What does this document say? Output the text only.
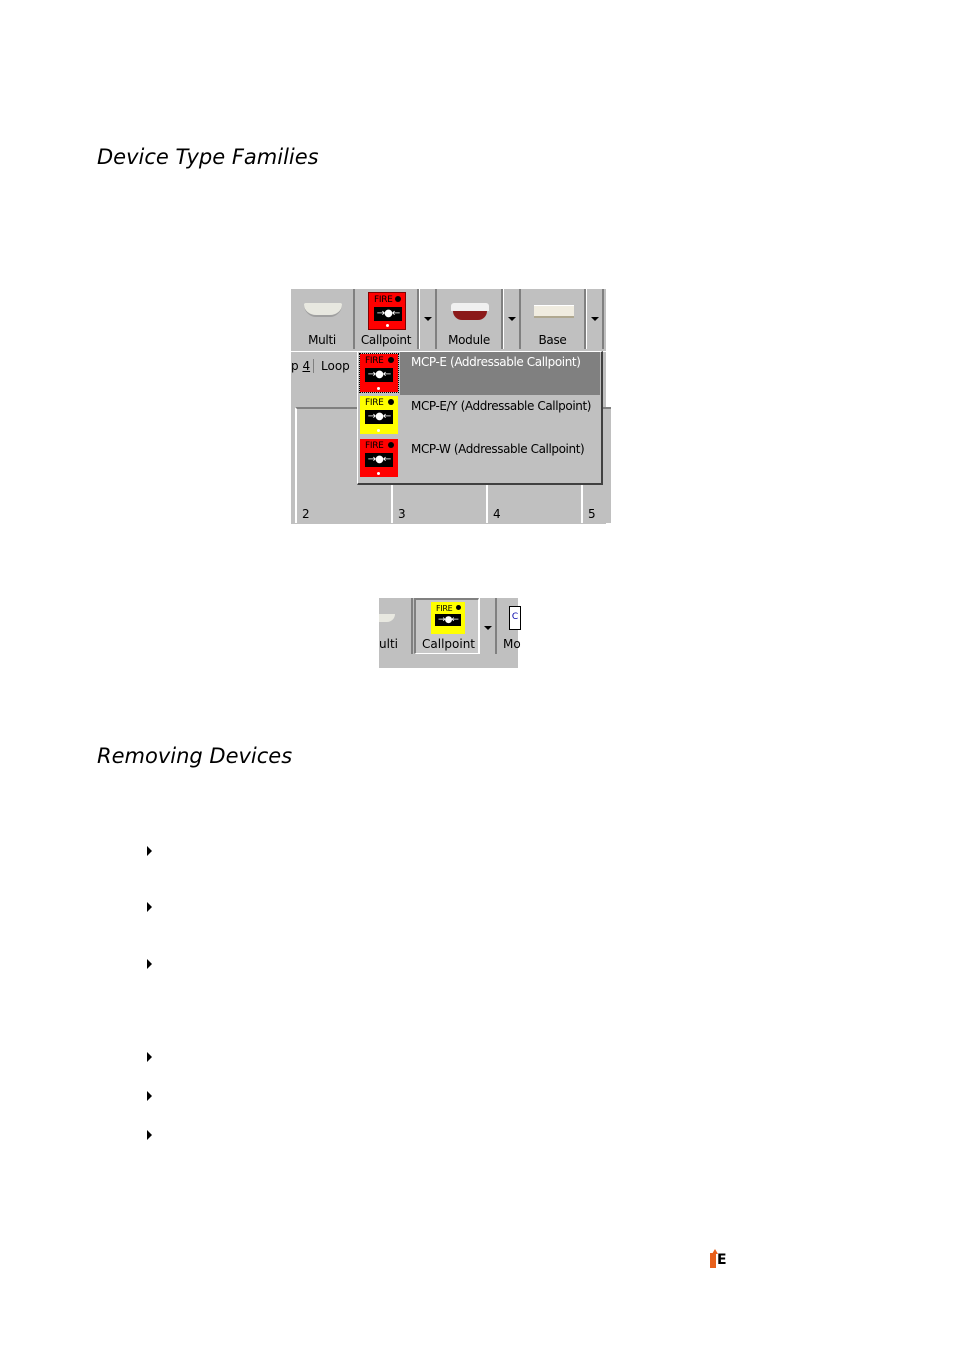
Device Type Families
Multi
FIRE
→●←
Callpoint	Module	Base
p 4 Loop
2	3	4	5
FIRE
→●←
MCP-E (Addressable Callpoint)
FIRE
→●←
MCP-E/Y (Addressable Callpoint)
FIRE
→●←
MCP-W (Addressable Callpoint)
ulti
FIRE
→●←
Callpoint
C
Mo
Removing Devices
E
